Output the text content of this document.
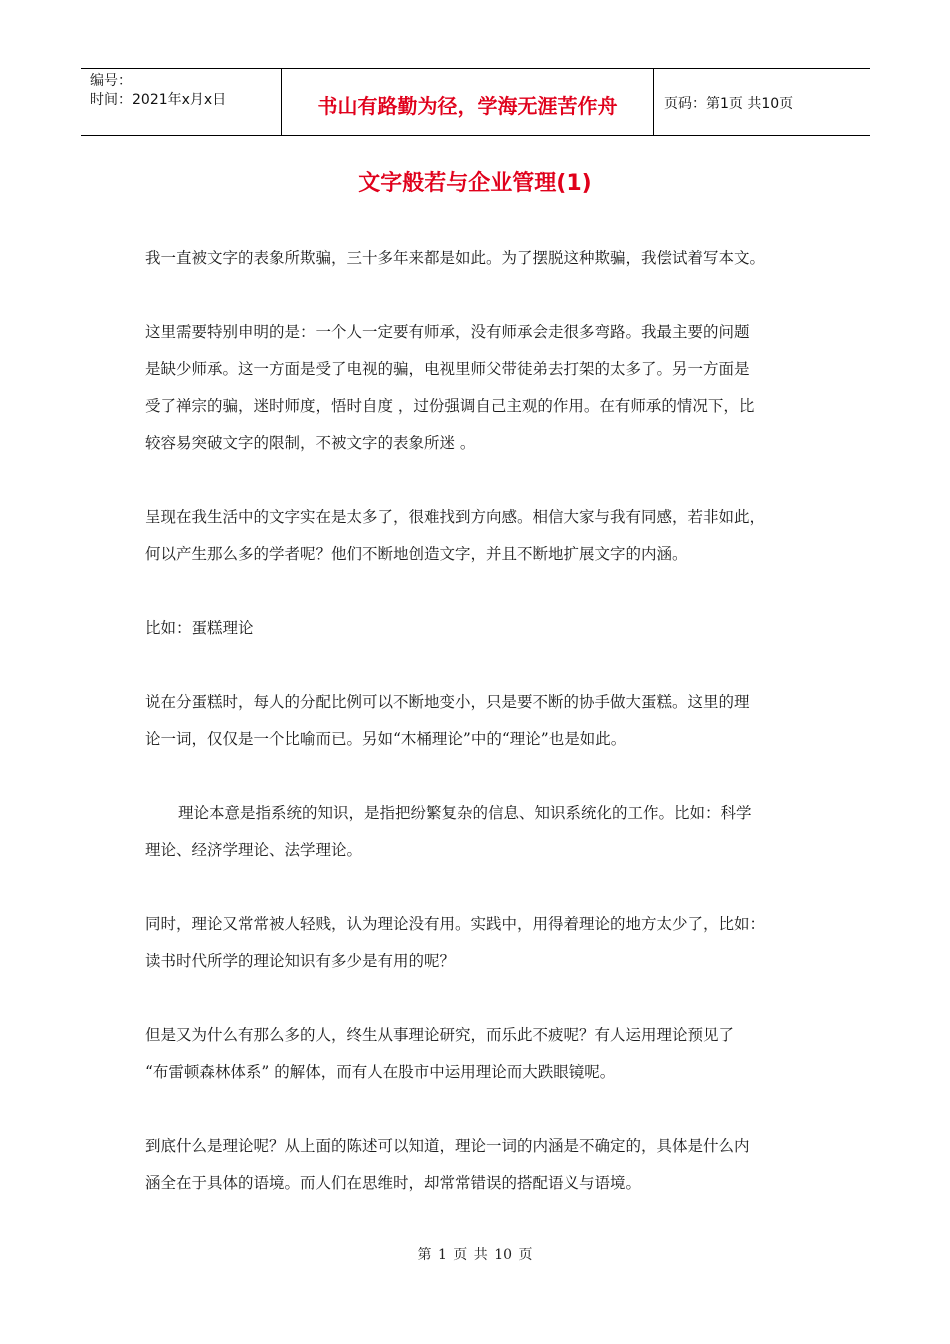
编号：
时间：2021年x月x日	书山有路勤为径，学海无涯苦作舟	页码：第1页 共10页
文字般若与企业管理(1)

我一直被文字的表象所欺骗，三十多年来都是如此。为了摆脱这种欺骗，我偿试着写本文。

这里需要特别申明的是：一个人一定要有师承，没有师承会走很多弯路。我最主要的问题
是缺少师承。这一方面是受了电视的骗，电视里师父带徒弟去打架的太多了。另一方面是
受了禅宗的骗，迷时师度，悟时自度 ，过份强调自己主观的作用。在有师承的情况下，比
较容易突破文字的限制，不被文字的表象所迷 。

呈现在我生活中的文字实在是太多了，很难找到方向感。相信大家与我有同感，若非如此，
何以产生那么多的学者呢？他们不断地创造文字，并且不断地扩展文字的内涵。

比如：蛋糕理论

说在分蛋糕时，每人的分配比例可以不断地变小，只是要不断的协手做大蛋糕。这里的理
论一词，仅仅是一个比喻而已。另如“木桶理论”中的“理论”也是如此。

理论本意是指系统的知识，是指把纷繁复杂的信息、知识系统化的工作。比如：科学
理论、经济学理论、法学理论。

同时，理论又常常被人轻贱，认为理论没有用。实践中，用得着理论的地方太少了，比如：
读书时代所学的理论知识有多少是有用的呢？

但是又为什么有那么多的人，终生从事理论研究，而乐此不疲呢？有人运用理论预见了
“布雷顿森林体系” 的解体，而有人在股市中运用理论而大跌眼镜呢。

到底什么是理论呢？从上面的陈述可以知道，理论一词的内涵是不确定的，具体是什么内
涵全在于具体的语境。而人们在思维时，却常常错误的搭配语义与语境。

第 1 页 共 10 页
